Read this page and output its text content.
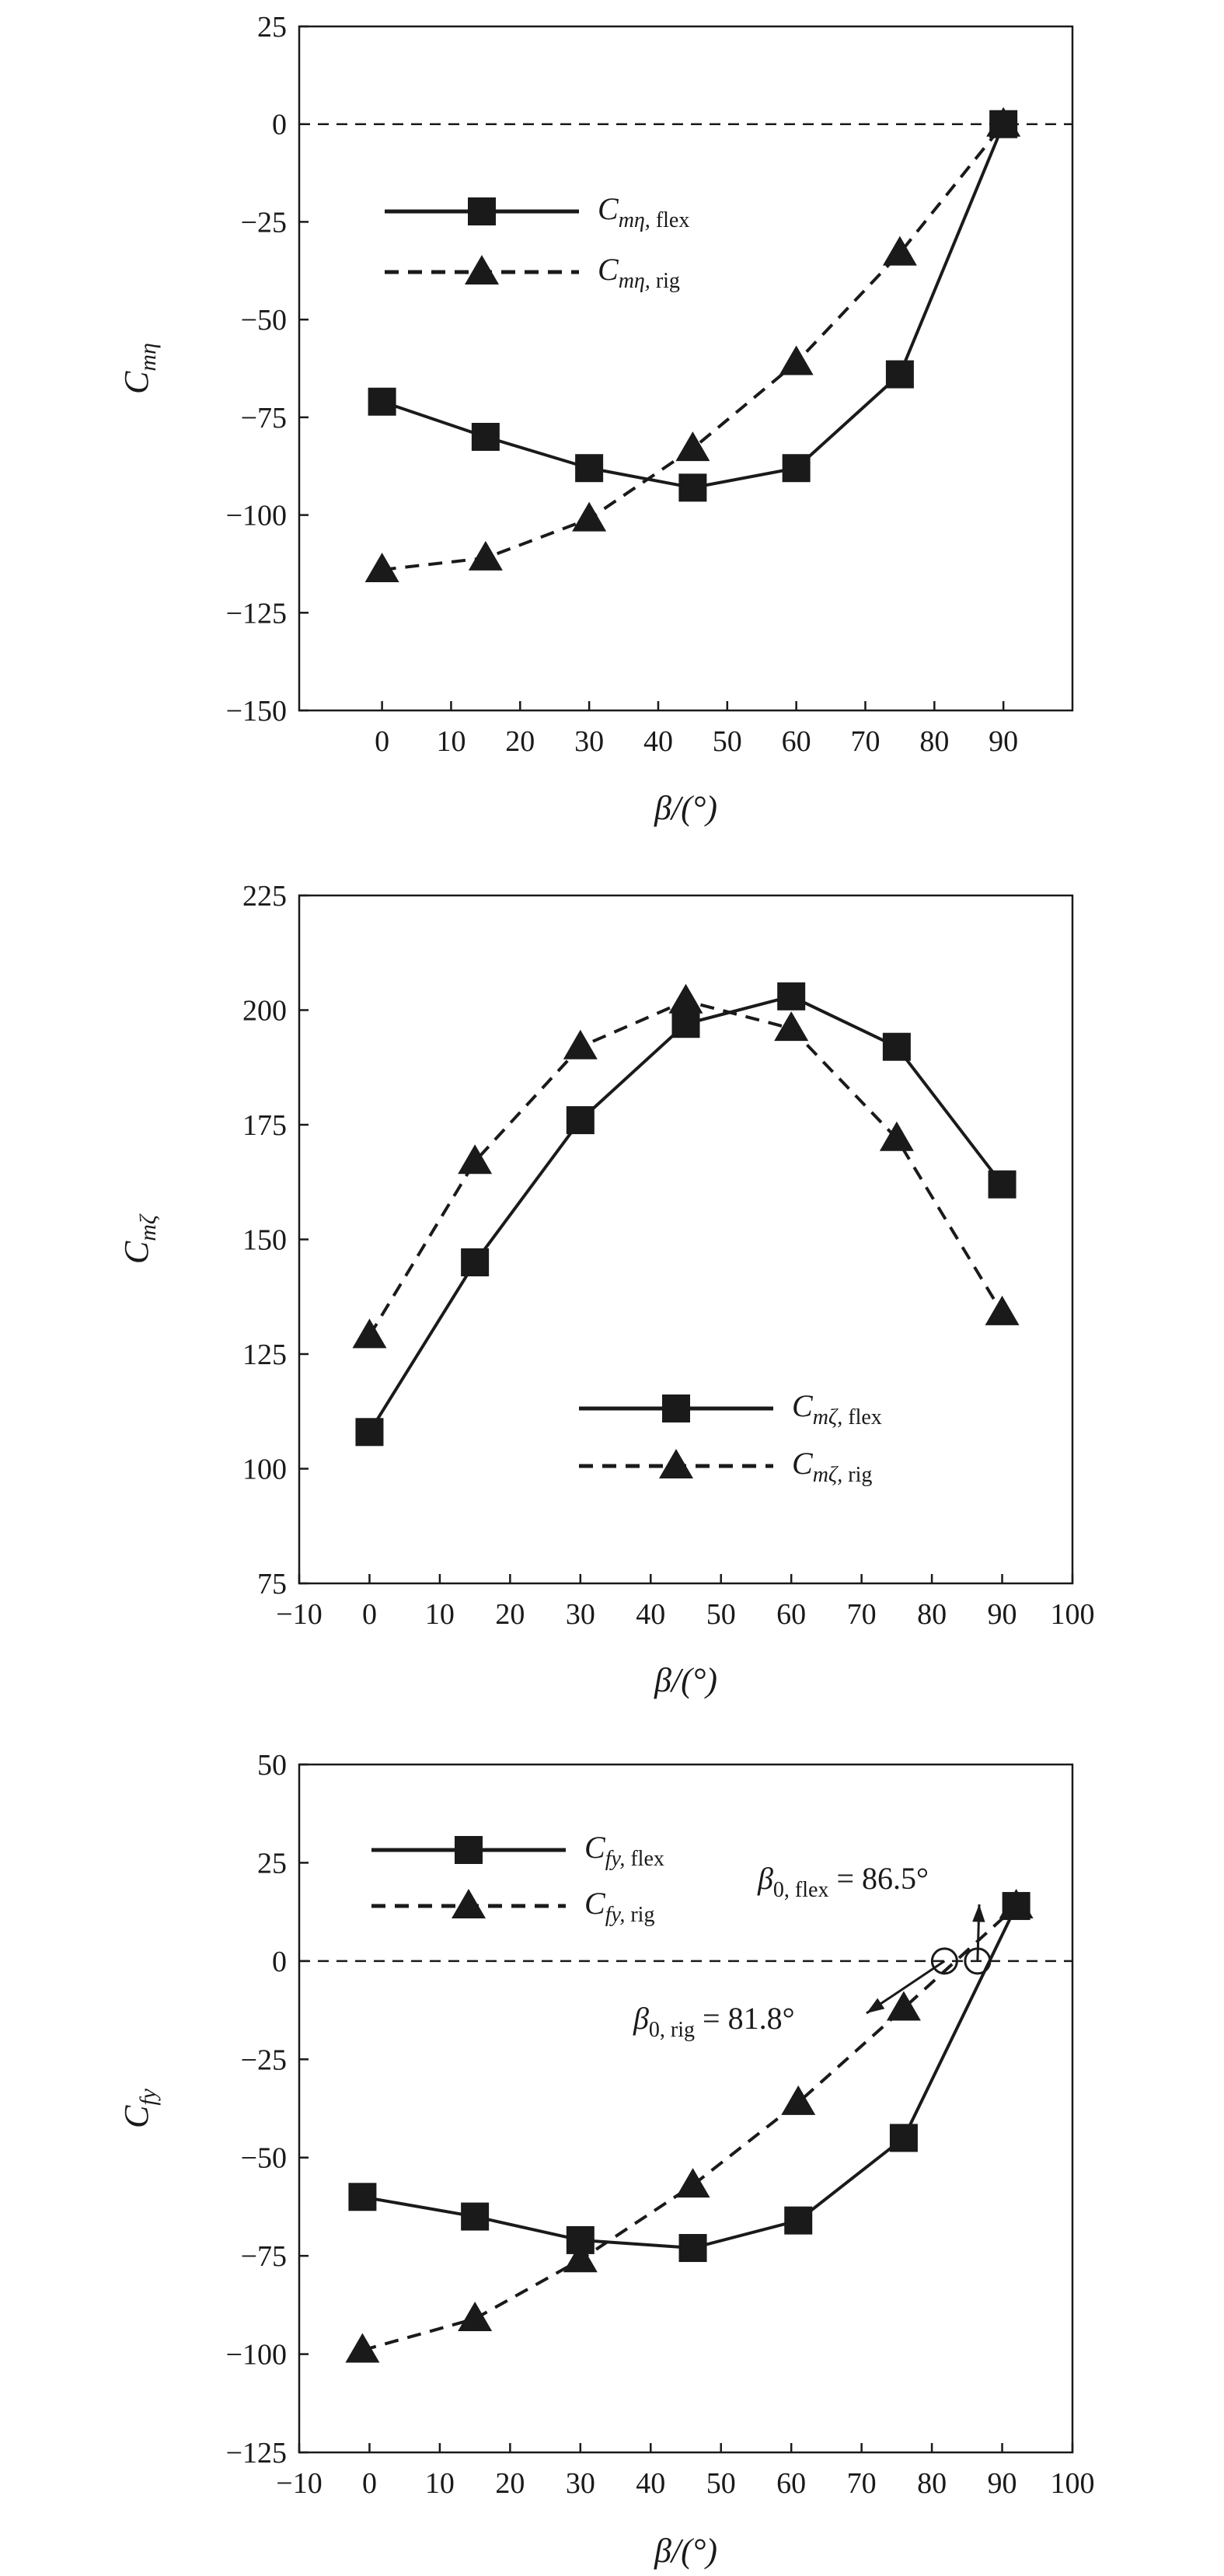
25
0
−25
−50
−75
−100
−125
−150
0 10 20 30 40 50 60 70 80 90
β/(°)
$C_{m\eta}$
$C_{m\eta,}$ flex
$C_{m\eta,}$ rig
225
200
175
150
125
100
75
−10 0 10 20 30 40 50 60 70 80 90 100
β/(°)
$C_{m\zeta}$
$C_{m\zeta,}$ flex
$C_{m\zeta,}$ rig
50
25
0
−25
−50
−75
−100
−125
−10 0 10 20 30 40 50 60 70 80 90 100
β/(°)
$C_{fy}$
$C_{fy,}$ flex
$C_{fy,}$ rig
$\beta_{0, flex} = 86.5^\circ$
$\beta_{0, rig} = 81.8^\circ$
